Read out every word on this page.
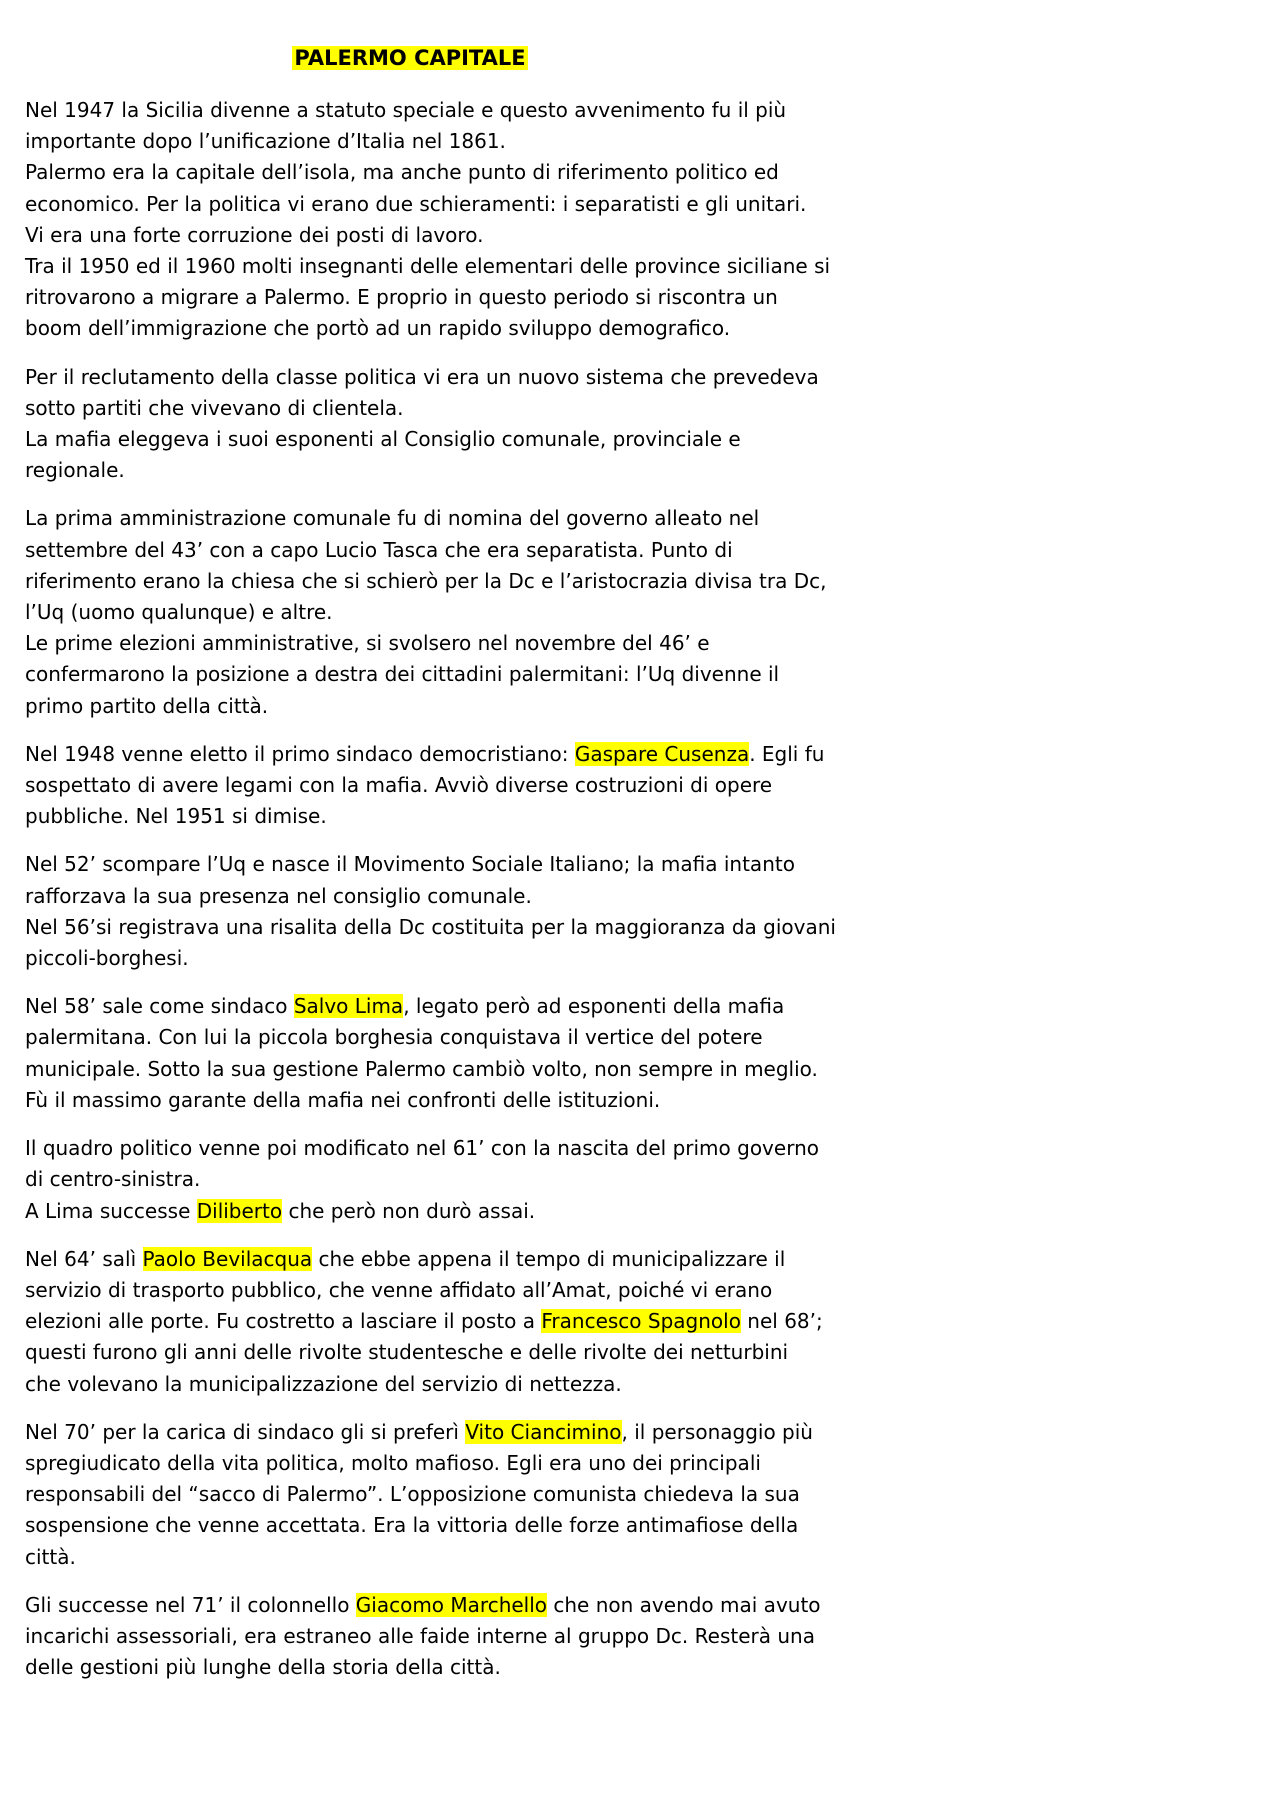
PALERMO CAPITALE

Nel 1947 la Sicilia divenne a statuto speciale e questo avvenimento fu il più
importante dopo l’unificazione d’Italia nel 1861.
Palermo era la capitale dell’isola, ma anche punto di riferimento politico ed
economico. Per la politica vi erano due schieramenti: i separatisti e gli unitari.
Vi era una forte corruzione dei posti di lavoro.
Tra il 1950 ed il 1960 molti insegnanti delle elementari delle province siciliane si
ritrovarono a migrare a Palermo. E proprio in questo periodo si riscontra un
boom dell’immigrazione che portò ad un rapido sviluppo demografico.

Per il reclutamento della classe politica vi era un nuovo sistema che prevedeva
sotto partiti che vivevano di clientela.
La mafia eleggeva i suoi esponenti al Consiglio comunale, provinciale e
regionale.

La prima amministrazione comunale fu di nomina del governo alleato nel
settembre del 43’ con a capo Lucio Tasca che era separatista. Punto di
riferimento erano la chiesa che si schierò per la Dc e l’aristocrazia divisa tra Dc,
l’Uq (uomo qualunque) e altre.
Le prime elezioni amministrative, si svolsero nel novembre del 46’ e
confermarono la posizione a destra dei cittadini palermitani: l’Uq divenne il
primo partito della città.

Nel 1948 venne eletto il primo sindaco democristiano: Gaspare Cusenza. Egli fu
sospettato di avere legami con la mafia. Avviò diverse costruzioni di opere
pubbliche. Nel 1951 si dimise.

Nel 52’ scompare l’Uq e nasce il Movimento Sociale Italiano; la mafia intanto
rafforzava la sua presenza nel consiglio comunale.
Nel 56’si registrava una risalita della Dc costituita per la maggioranza da giovani
piccoli-borghesi.

Nel 58’ sale come sindaco Salvo Lima, legato però ad esponenti della mafia
palermitana. Con lui la piccola borghesia conquistava il vertice del potere
municipale. Sotto la sua gestione Palermo cambiò volto, non sempre in meglio.
Fù il massimo garante della mafia nei confronti delle istituzioni.

Il quadro politico venne poi modificato nel 61’ con la nascita del primo governo
di centro-sinistra.
A Lima successe Diliberto che però non durò assai.

Nel 64’ salì Paolo Bevilacqua che ebbe appena il tempo di municipalizzare il
servizio di trasporto pubblico, che venne affidato all’Amat, poiché vi erano
elezioni alle porte. Fu costretto a lasciare il posto a Francesco Spagnolo nel 68’;
questi furono gli anni delle rivolte studentesche e delle rivolte dei netturbini
che volevano la municipalizzazione del servizio di nettezza.

Nel 70’ per la carica di sindaco gli si preferì Vito Ciancimino, il personaggio più
spregiudicato della vita politica, molto mafioso. Egli era uno dei principali
responsabili del “sacco di Palermo”. L’opposizione comunista chiedeva la sua
sospensione che venne accettata. Era la vittoria delle forze antimafiose della
città.

Gli successe nel 71’ il colonnello Giacomo Marchello che non avendo mai avuto
incarichi assessoriali, era estraneo alle faide interne al gruppo Dc. Resterà una
delle gestioni più lunghe della storia della città.
